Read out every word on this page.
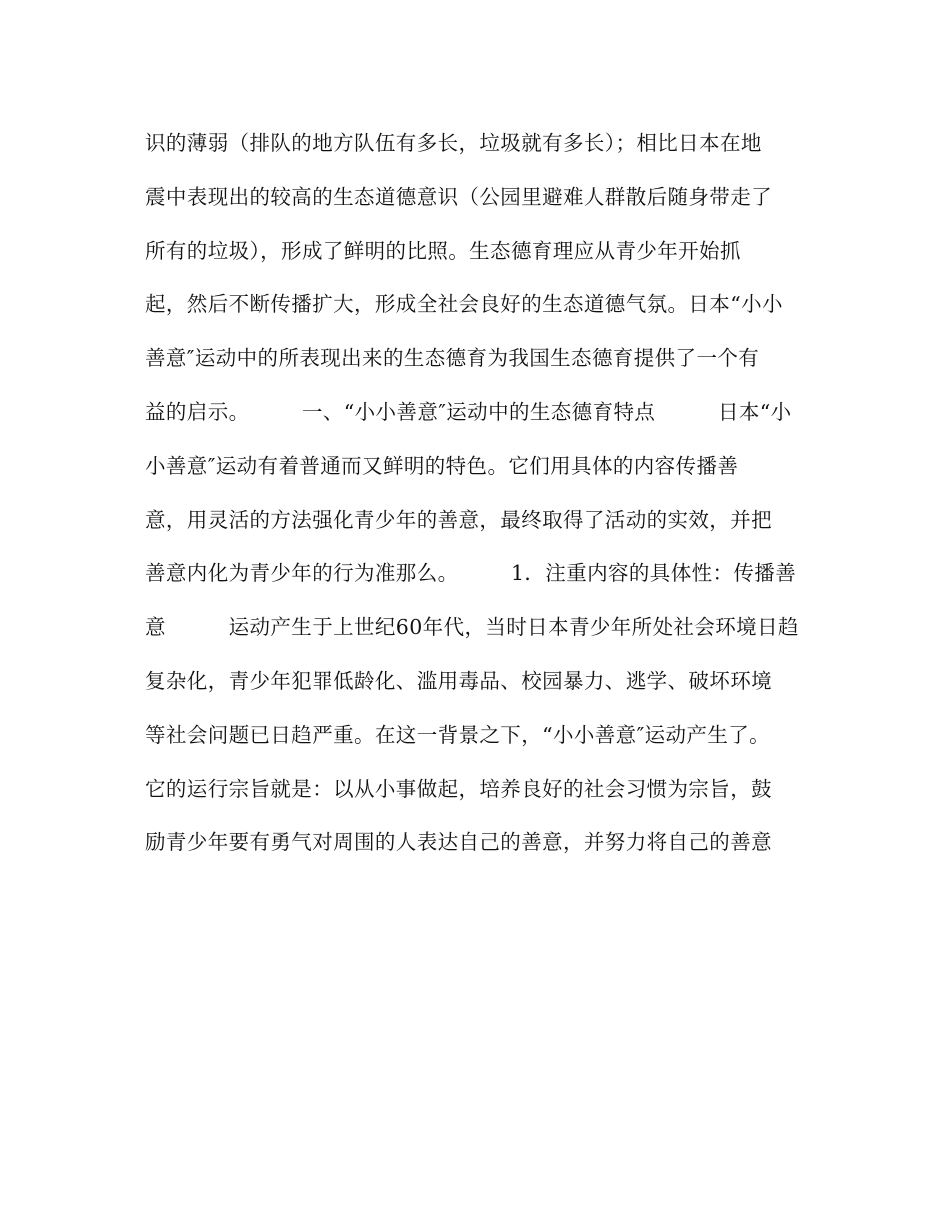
识的薄弱（排队的地方队伍有多长，垃圾就有多长）；相比日本在地
震中表现出的较高的生态道德意识（公园里避难人群散后随身带走了
所有的垃圾），形成了鲜明的比照。生态德育理应从青少年开始抓
起，然后不断传播扩大，形成全社会良好的生态道德气氛。日本“小小
善意″运动中的所表现出来的生态德育为我国生态德育提供了一个有
益的启示。　　　一、“小小善意″运动中的生态德育特点　　　日本“小
小善意″运动有着普通而又鲜明的特色。它们用具体的内容传播善
意，用灵活的方法强化青少年的善意，最终取得了活动的实效，并把
善意内化为青少年的行为准那么。　　　1．注重内容的具体性：传播善
意　　　运动产生于上世纪60年代，当时日本青少年所处社会环境日趋
复杂化，青少年犯罪低龄化、滥用毒品、校园暴力、逃学、破坏环境
等社会问题已日趋严重。在这一背景之下，“小小善意″运动产生了。
它的运行宗旨就是：以从小事做起，培养良好的社会习惯为宗旨，鼓
励青少年要有勇气对周围的人表达自己的善意，并努力将自己的善意
